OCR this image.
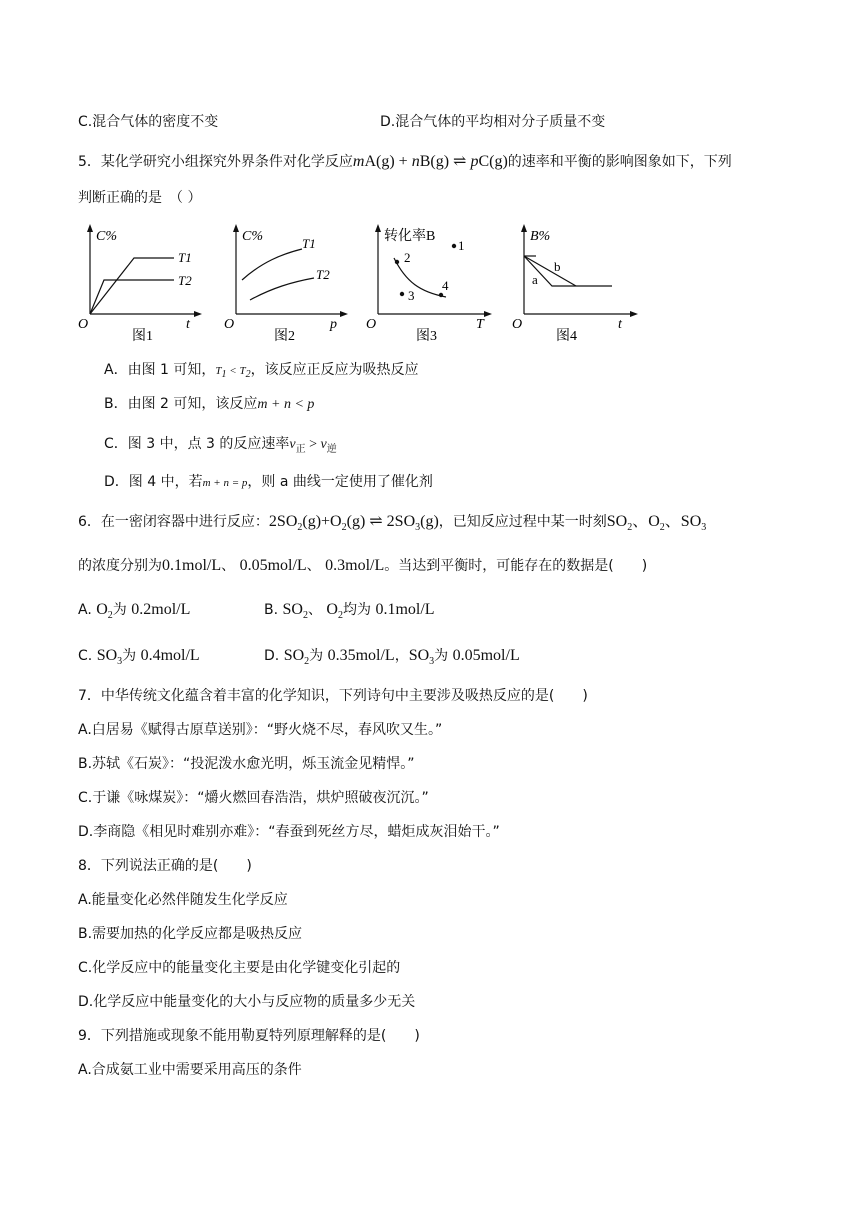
C.混合气体的密度不变	D.混合气体的平均相对分子质量不变
5．某化学研究小组探究外界条件对化学反应mA(g) + nB(g) ⇌ pC(g)的速率和平衡的影响图象如下，下列
判断正确的是　（ ）
C%
T1
T2
O	t
图1
C%	T1
T2
O	p
图2
转化率B
1
2
3
4
O	T
图3
B%
a
b
O	t
图4
A．由图 1 可知，$T_1 < T_2$，该反应正反应为吸热反应
B．由图 2 可知，该反应m + n < p
C．图 3 中，点 3 的反应速率$v_正 > v_逆$
D．图 4 中，若m + n = p，则 a 曲线一定使用了催化剂
6．在一密闭容器中进行反应：$2SO_2(g)+O_2(g)$ ⇌ $2SO_3(g)$，已知反应过程中某一时刻$SO_2$、$O_2$、$SO_3$
的浓度分别为0.1mol/L、 0.05mol/L、 0.3mol/L。当达到平衡时，可能存在的数据是(　　)
A. $O_2$为 0.2mol/L	B. $SO_2$、 $O_2$均为 0.1mol/L
C. $SO_3$为 0.4mol/L	D. $SO_2$为 0.35mol/L，$SO_3$为 0.05mol/L
7．中华传统文化蕴含着丰富的化学知识，下列诗句中主要涉及吸热反应的是(　　)
A.白居易《赋得古原草送别》：“野火烧不尽，春风吹又生。”
B.苏轼《石炭》：“投泥泼水愈光明，烁玉流金见精悍。”
C.于谦《咏煤炭》：“爝火燃回春浩浩，烘炉照破夜沉沉。”
D.李商隐《相见时难别亦难》：“春蚕到死丝方尽，蜡炬成灰泪始干。”
8．下列说法正确的是(　　)
A.能量变化必然伴随发生化学反应
B.需要加热的化学反应都是吸热反应
C.化学反应中的能量变化主要是由化学键变化引起的
D.化学反应中能量变化的大小与反应物的质量多少无关
9．下列措施或现象不能用勒夏特列原理解释的是(　　)
A.合成氨工业中需要采用高压的条件
